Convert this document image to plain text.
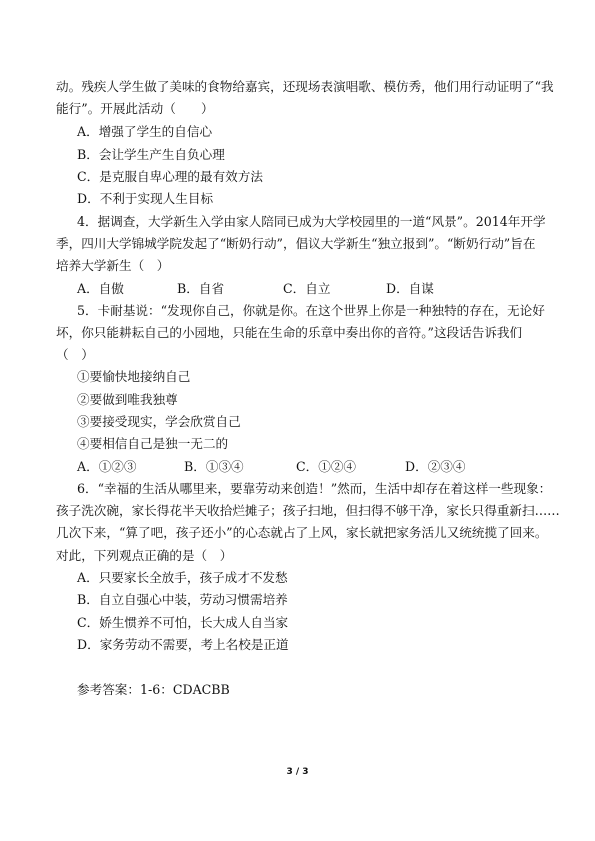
动。残疾人学生做了美味的食物给嘉宾，还现场表演唱歌、模仿秀，他们用行动证明了“我
能行”。开展此活动（　　）
A．增强了学生的自信心
B．会让学生产生自负心理
C．是克服自卑心理的最有效方法
D．不利于实现人生目标
4．据调查，大学新生入学由家人陪同已成为大学校园里的一道“风景”。2014年开学
季，四川大学锦城学院发起了“断奶行动”，倡议大学新生“独立报到”。“断奶行动”旨在
培养大学新生（　）
A．自傲	B．自省	C．自立	D．自谋
5．卡耐基说：“发现你自己，你就是你。在这个世界上你是一种独特的存在，无论好
坏，你只能耕耘自己的小园地，只能在生命的乐章中奏出你的音符。”这段话告诉我们
（　）
①要愉快地接纳自己
②要做到唯我独尊
③要接受现实，学会欣赏自己
④要相信自己是独一无二的
A．①②③	B．①③④	C．①②④	D．②③④
6．“幸福的生活从哪里来，要靠劳动来创造！”然而，生活中却存在着这样一些现象：
孩子洗次碗，家长得花半天收拾烂摊子；孩子扫地，但扫得不够干净，家长只得重新扫……
几次下来，“算了吧，孩子还小”的心态就占了上风，家长就把家务活儿又统统揽了回来。
对此，下列观点正确的是（　）
A．只要家长全放手，孩子成才不发愁
B．自立自强心中装，劳动习惯需培养
C．娇生惯养不可怕，长大成人自当家
D．家务劳动不需要，考上名校是正道
参考答案：1-6：CDACBB
3 / 3
